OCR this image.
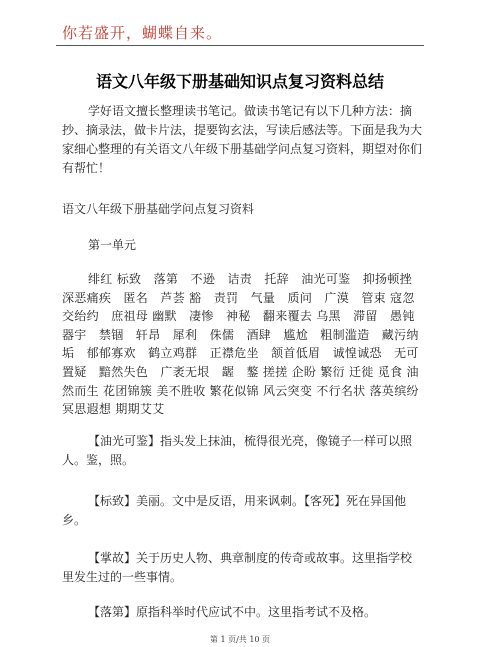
你若盛开，蝴蝶自来。
语文八年级下册基础知识点复习资料总结
学好语文擅长整理读书笔记。做读书笔记有以下几种方法：摘抄、摘录法，做卡片法，提要钩玄法，写读后感法等。下面是我为大家细心整理的有关语文八年级下册基础学问点复习资料，期望对你们有帮忙！
语文八年级下册基础学问点复习资料
第一单元
绯红 标致　落第　不逊　诘责　托辞　油光可鉴　抑扬顿挫 深恶痛疾　匿名　芦荟 豁　责罚　气量　质问　广漠　管束 寇忽　交绐约　庶祖母 幽默　凄惨　神秘　翻来覆去 乌黑　滞留　愚钝　器宇　禁锢　轩昂　犀利　侏儒　酒肆　尴尬　粗制滥造　藏污纳垢　郁郁寡欢　鹤立鸡群　正襟危坐　颔首低眉　诚惶诚恐　无可置疑　黯然失色　广袤无垠　龌　鏊 搓搓 企盼 繁衍 迁徙 觅食 油然而生 花团锦簇 美不胜收 繁花似锦 风云突变 不行名状 落英缤纷 冥思遐想 期期艾艾
【油光可鉴】指头发上抹油，梳得很光亮，像镜子一样可以照人。鉴，照。
【标致】美丽。文中是反语，用来讽刺。【客死】死在异国他乡。
【掌故】关于历史人物、典章制度的传奇或故事。这里指学校里发生过的一些事情。
【落第】原指科举时代应试不中。这里指考试不及格。
第 1 页/共 10 页
